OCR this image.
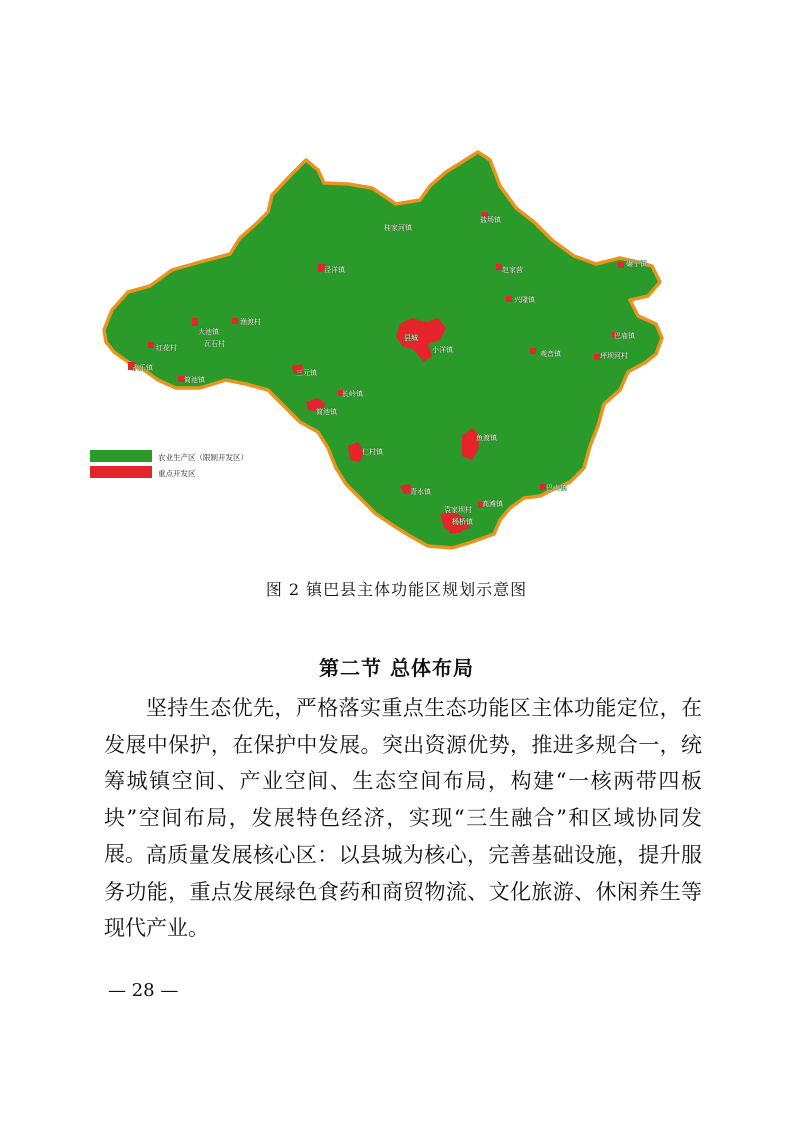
桂家河镇
盐场镇
泾洋镇	赵家营
碾子镇
兴隆镇
大池镇
渔渡村
瓦石村
县城	巴庙镇
红花村	小洋镇	观音镇	坪坝河村
永乐镇
简池镇
三元镇
长岭镇
简池镇
鱼渡镇
仁村镇
巴山镇
青水镇
高滩镇
袁家坝村
杨桥镇
农业生产区（限制开发区）
重点开发区
图 2 镇巴县主体功能区规划示意图
第二节 总体布局

坚持生态优先，严格落实重点生态功能区主体功能定位，在发展中保护，在保护中发展。突出资源优势，推进多规合一，统筹城镇空间、产业空间、生态空间布局，构建“一核两带四板块”空间布局，发展特色经济，实现“三生融合”和区域协同发展。 高质量发展核心区：以县城为核心，完善基础设施，提升服务功能，重点发展绿色食药和商贸物流、文化旅游、休闲养生等现代产业。

— 28 —
